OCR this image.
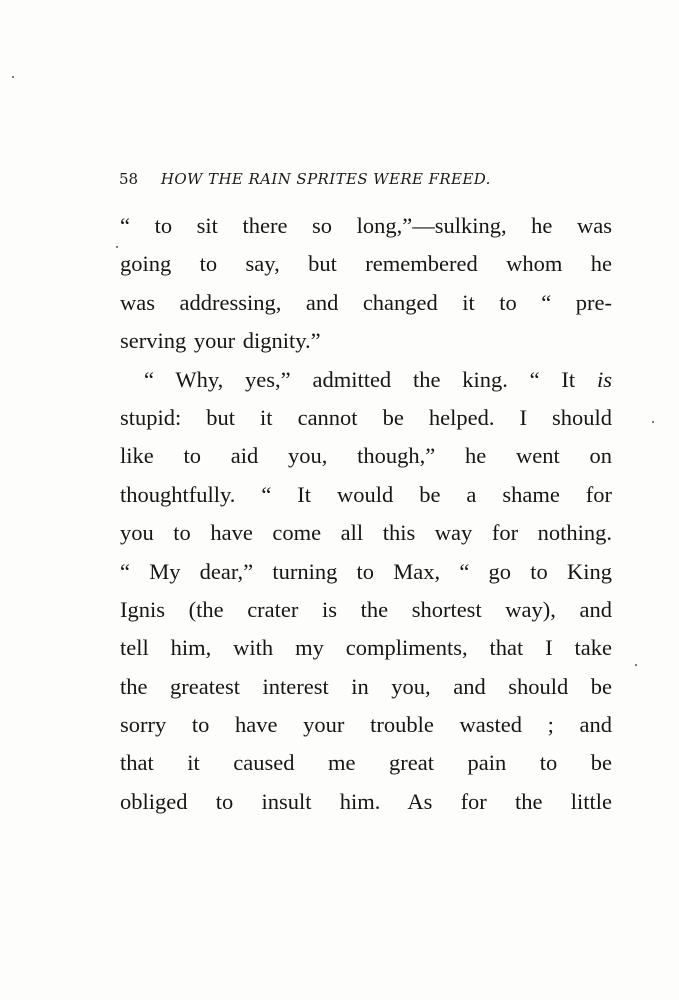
58 HOW THE RAIN SPRITES WERE FREED.
“ to sit there so long,”—sulking, he was
going to say, but remembered whom he
was addressing, and changed it to “ pre-
serving your dignity.”
“ Why, yes,” admitted the king. “ It is
stupid: but it cannot be helped. I should
like to aid you, though,” he went on
thoughtfully. “ It would be a shame for
you to have come all this way for nothing.
“ My dear,” turning to Max, “ go to King
Ignis (the crater is the shortest way), and
tell him, with my compliments, that I take
the greatest interest in you, and should be
sorry to have your trouble wasted ; and
that it caused me great pain to be
obliged to insult him. As for the little
